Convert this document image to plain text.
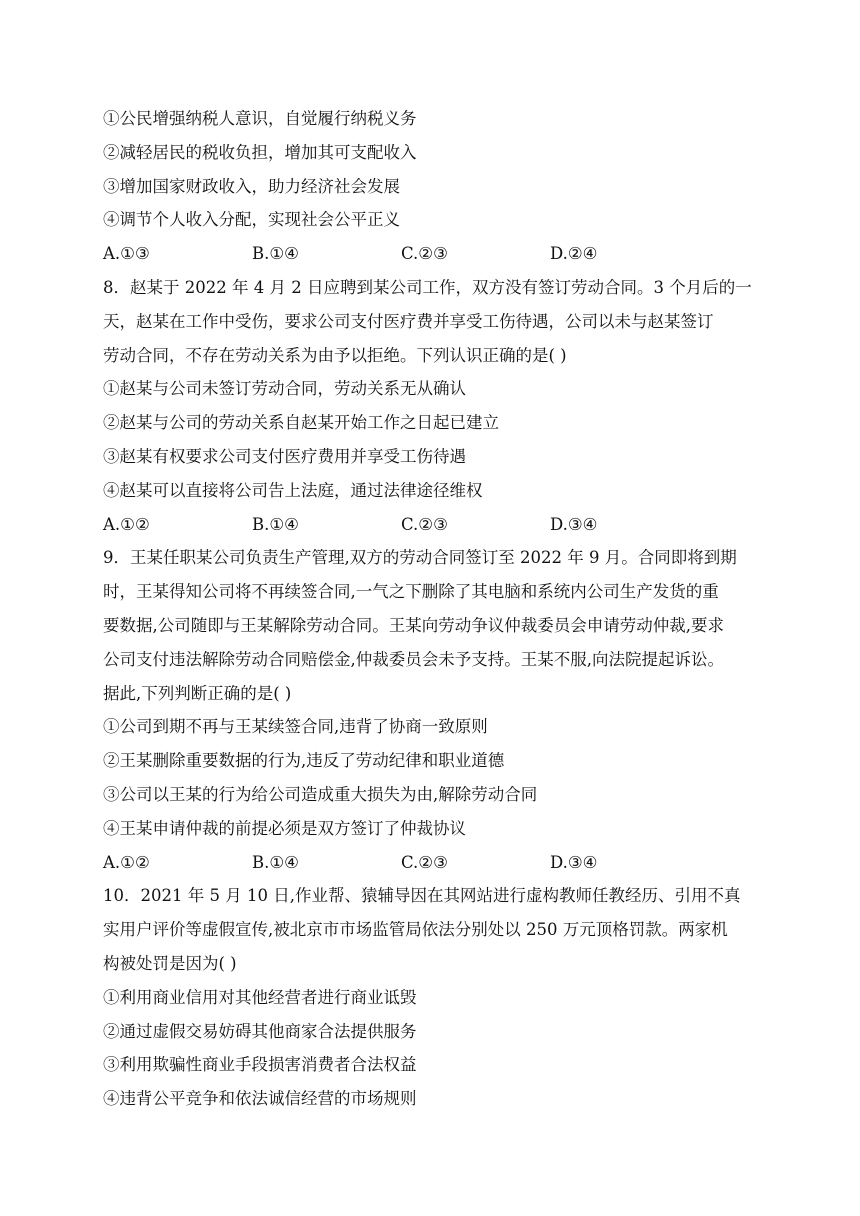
①公民增强纳税人意识，自觉履行纳税义务
②减轻居民的税收负担，增加其可支配收入
③增加国家财政收入，助力经济社会发展
④调节个人收入分配，实现社会公平正义
A.①③	B.①④	C.②③	D.②④
8．赵某于 2022 年 4 月 2 日应聘到某公司工作，双方没有签订劳动合同。3 个月后的一
天，赵某在工作中受伤，要求公司支付医疗费并享受工伤待遇，公司以未与赵某签订
劳动合同，不存在劳动关系为由予以拒绝。下列认识正确的是( )
①赵某与公司未签订劳动合同，劳动关系无从确认
②赵某与公司的劳动关系自赵某开始工作之日起已建立
③赵某有权要求公司支付医疗费用并享受工伤待遇
④赵某可以直接将公司告上法庭，通过法律途径维权
A.①②	B.①④	C.②③	D.③④
9．王某任职某公司负责生产管理,双方的劳动合同签订至 2022 年 9 月。合同即将到期
时，王某得知公司将不再续签合同,一气之下删除了其电脑和系统内公司生产发货的重
要数据,公司随即与王某解除劳动合同。王某向劳动争议仲裁委员会申请劳动仲裁,要求
公司支付违法解除劳动合同赔偿金,仲裁委员会未予支持。王某不服,向法院提起诉讼。
据此,下列判断正确的是( )
①公司到期不再与王某续签合同,违背了协商一致原则
②王某删除重要数据的行为,违反了劳动纪律和职业道德
③公司以王某的行为给公司造成重大损失为由,解除劳动合同
④王某申请仲裁的前提必须是双方签订了仲裁协议
A.①②	B.①④	C.②③	D.③④
10．2021 年 5 月 10 日,作业帮、猿辅导因在其网站进行虚构教师任教经历、引用不真
实用户评价等虚假宣传,被北京市市场监管局依法分别处以 250 万元顶格罚款。两家机
构被处罚是因为( )
①利用商业信用对其他经营者进行商业诋毁
②通过虚假交易妨碍其他商家合法提供服务
③利用欺骗性商业手段损害消费者合法权益
④违背公平竞争和依法诚信经营的市场规则
